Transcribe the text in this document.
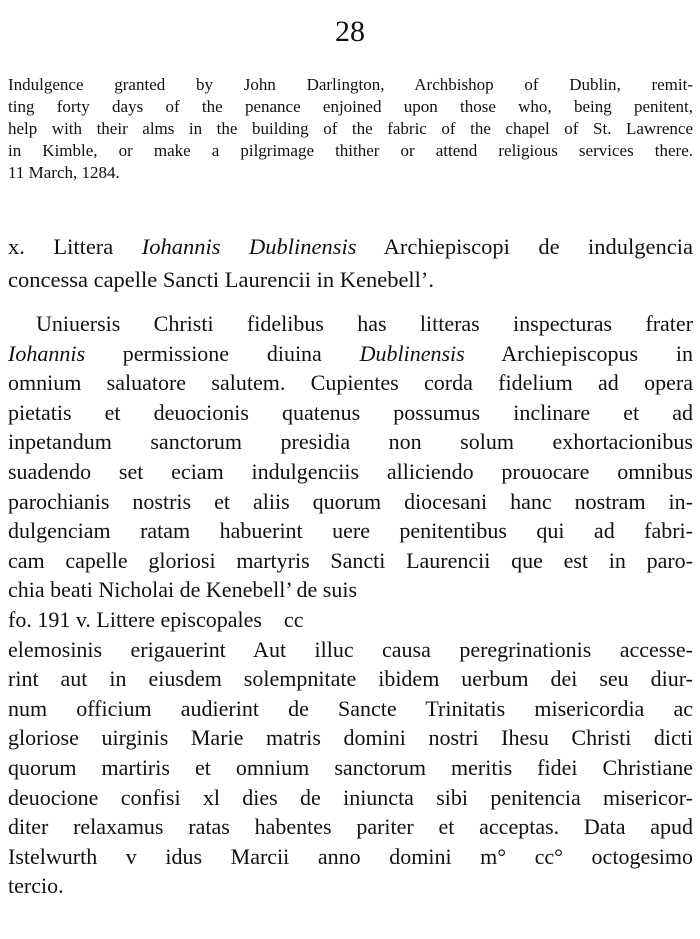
28
Indulgence granted by John Darlington, Archbishop of Dublin, remit-
ting forty days of the penance enjoined upon those who, being penitent,
help with their alms in the building of the fabric of the chapel of St. Lawrence
in Kimble, or make a pilgrimage thither or attend religious services there.
11 March, 1284.
x. Littera Iohannis Dublinensis Archiepiscopi de indulgencia
concessa capelle Sancti Laurencii in Kenebell’.
Uniuersis Christi fidelibus has litteras inspecturas frater
Iohannis permissione diuina Dublinensis Archiepiscopus in
omnium saluatore salutem. Cupientes corda fidelium ad opera
pietatis et deuocionis quatenus possumus inclinare et ad
inpetandum sanctorum presidia non solum exhortacionibus
suadendo set eciam indulgenciis alliciendo prouocare omnibus
parochianis nostris et aliis quorum diocesani hanc nostram in-
dulgenciam ratam habuerint uere penitentibus qui ad fabri-
cam capelle gloriosi martyris Sancti Laurencii que est in paro-
chia beati Nicholai de Kenebell’ de suis
fo. 191 v. Littere episcopales    cc
elemosinis erigauerint Aut illuc causa peregrinationis accesse-
rint aut in eiusdem solempnitate ibidem uerbum dei seu diur-
num officium audierint de Sancte Trinitatis misericordia ac
gloriose uirginis Marie matris domini nostri Ihesu Christi dicti
quorum martiris et omnium sanctorum meritis fidei Christiane
deuocione confisi xl dies de iniuncta sibi penitencia misericor-
diter relaxamus ratas habentes pariter et acceptas. Data apud
Istelwurth v idus Marcii anno domini m° cc° octogesimo
tercio.
